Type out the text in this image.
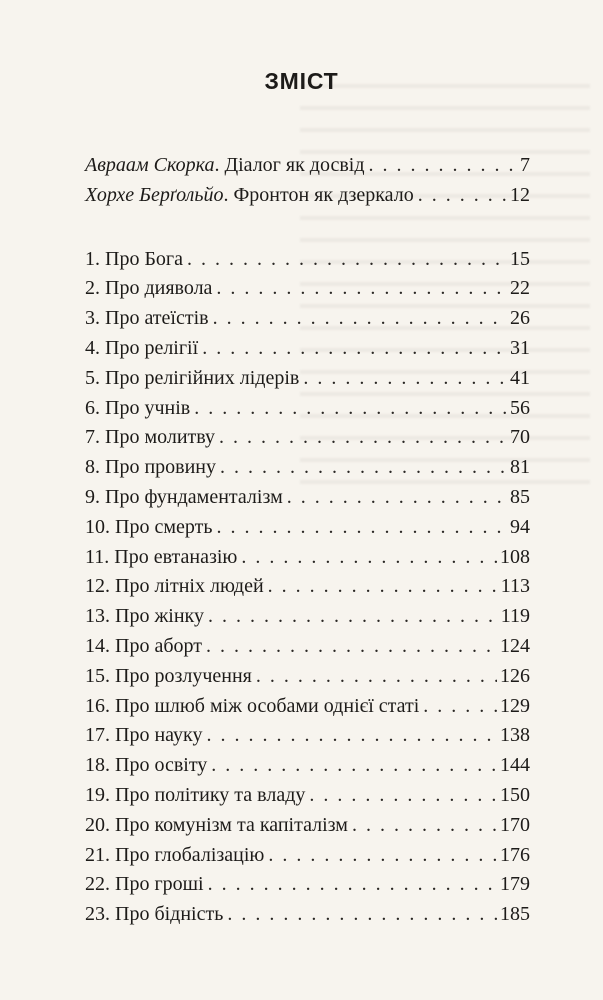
ЗМІСТ
Авраам Скорка. Діалог як досвід . . .	7
Хорхе Берґольйо. Фронтон як дзеркало . . .	12
1. Про Бога . . .	15
2. Про диявола . . .	22
3. Про атеїстів . . .	26
4. Про релігії . . .	31
5. Про релігійних лідерів . . .	41
6. Про учнів . . .	56
7. Про молитву . . .	70
8. Про провину . . .	81
9. Про фундаменталізм . . .	85
10. Про смерть . . .	94
11. Про евтаназію . . .	108
12. Про літніх людей . . .	113
13. Про жінку . . .	119
14. Про аборт . . .	124
15. Про розлучення . . .	126
16. Про шлюб між особами однієї статі . . .	129
17. Про науку . . .	138
18. Про освіту . . .	144
19. Про політику та владу . . .	150
20. Про комунізм та капіталізм . . .	170
21. Про глобалізацію . . .	176
22. Про гроші . . .	179
23. Про бідність . . .	185
